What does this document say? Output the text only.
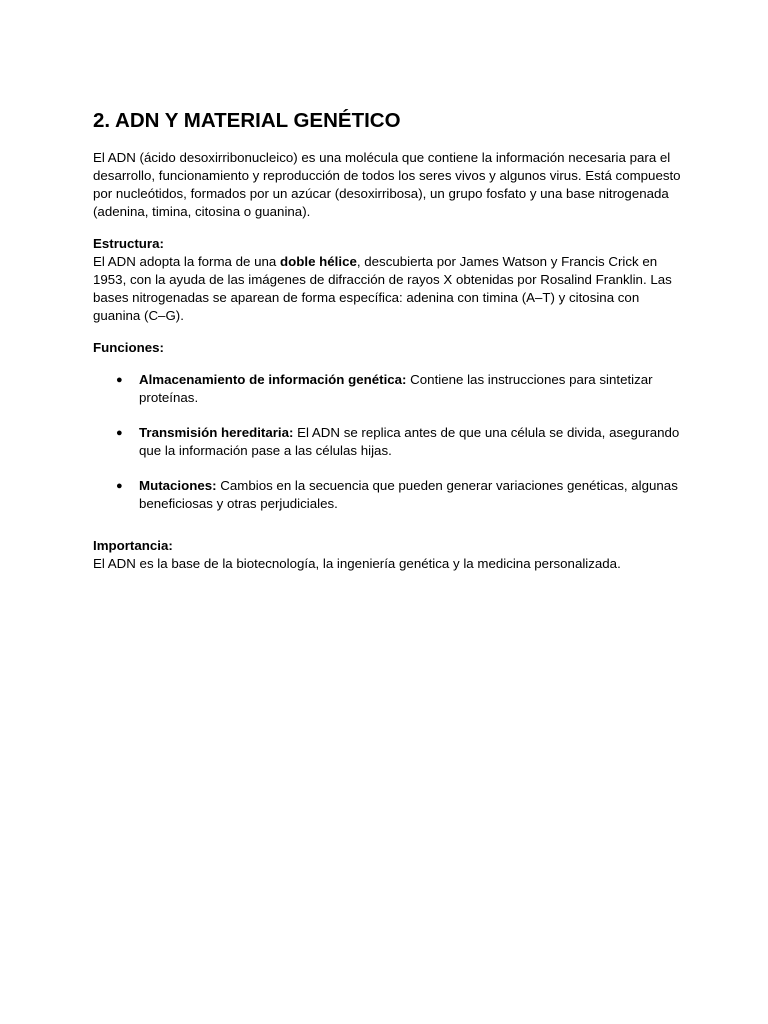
2. ADN Y MATERIAL GENÉTICO

El ADN (ácido desoxirribonucleico) es una molécula que contiene la información necesaria para el desarrollo, funcionamiento y reproducción de todos los seres vivos y algunos virus. Está compuesto por nucleótidos, formados por un azúcar (desoxirribosa), un grupo fosfato y una base nitrogenada (adenina, timina, citosina o guanina).

Estructura:

El ADN adopta la forma de una doble hélice, descubierta por James Watson y Francis Crick en 1953, con la ayuda de las imágenes de difracción de rayos X obtenidas por Rosalind Franklin. Las bases nitrogenadas se aparean de forma específica: adenina con timina (A–T) y citosina con guanina (C–G).

Funciones:

● Almacenamiento de información genética: Contiene las instrucciones para sintetizar proteínas.
● Transmisión hereditaria: El ADN se replica antes de que una célula se divida, asegurando que la información pase a las células hijas.
● Mutaciones: Cambios en la secuencia que pueden generar variaciones genéticas, algunas beneficiosas y otras perjudiciales.

Importancia:

El ADN es la base de la biotecnología, la ingeniería genética y la medicina personalizada.
